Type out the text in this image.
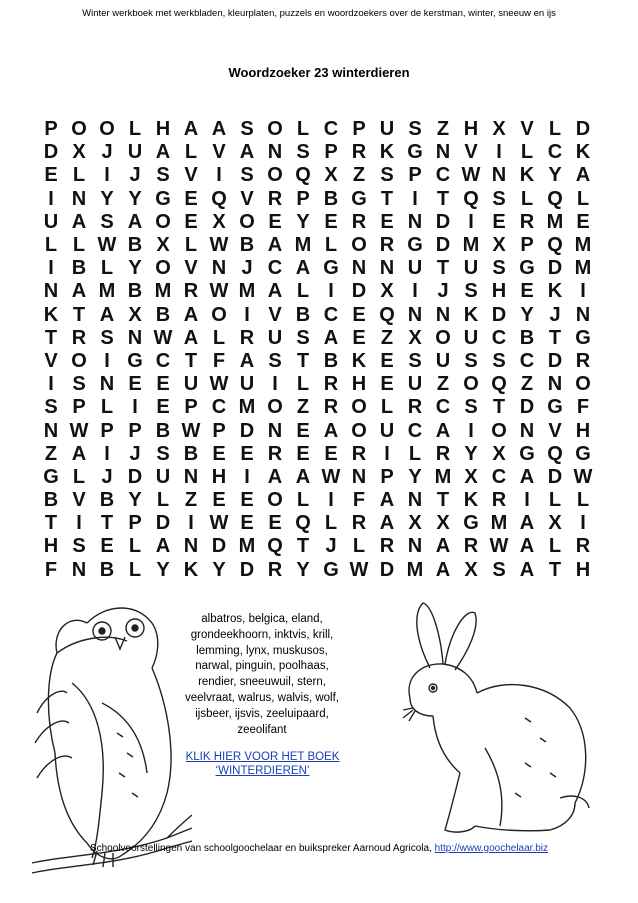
Winter werkboek met werkbladen, kleurplaten, puzzels en woordzoekers over de kerstman, winter, sneeuw en ijs
Woordzoeker 23 winterdieren
P O O L H A A S O L C P U S Z H X V L D
D X J U A L V A N S P R K G N V I L C K
E L I J S V I S O Q X Z S P C W N K Y A
I N Y Y G E Q V R P B G T I T Q S L Q L
U A S A O E X O E Y E R E N D I E R M E
L L W B X L W B A M L O R G D M X P Q M
I B L Y O V N J C A G N N U T U S G D M
N A M B M R W M A L I D X I J S H E K I
K T A X B A O I V B C E Q N N K D Y J N
T R S N W A L R U S A E Z X O U C B T G
V O I G C T F A S T B K E S U S S C D R
I S N E E U W U I L R H E U Z O Q Z N O
S P L I E P C M O Z R O L R C S T D G F
N W P P B W P D N E A O U C A I O N V H
Z A I J S B E E R E E R I L R Y X G Q G
G L J D U N H I A A W N P Y M X C A D W
B V B Y L Z E E O L I F A N T K R I L L
T I T P D I W E E Q L R A X X G M A X I
H S E L A N D M Q T J L R N A R W A L R
F N B L Y K Y D R Y G W D M A X S A T H
albatros, belgica, eland,
grondeekhoorn, inktvis, krill,
lemming, lynx, muskusos,
narwal, pinguin, poolhaas,
rendier, sneeuwuil, stern,
veelvraat, walrus, walvis, wolf,
ijsbeer, ijsvis, zeeluipaard,
zeeolifant
KLIK HIER VOOR HET BOEK
‘WINTERDIEREN’
Schoolvoorstellingen van schoolgoochelaar en buikspreker Aarnoud Agricola, http://www.goochelaar.biz
